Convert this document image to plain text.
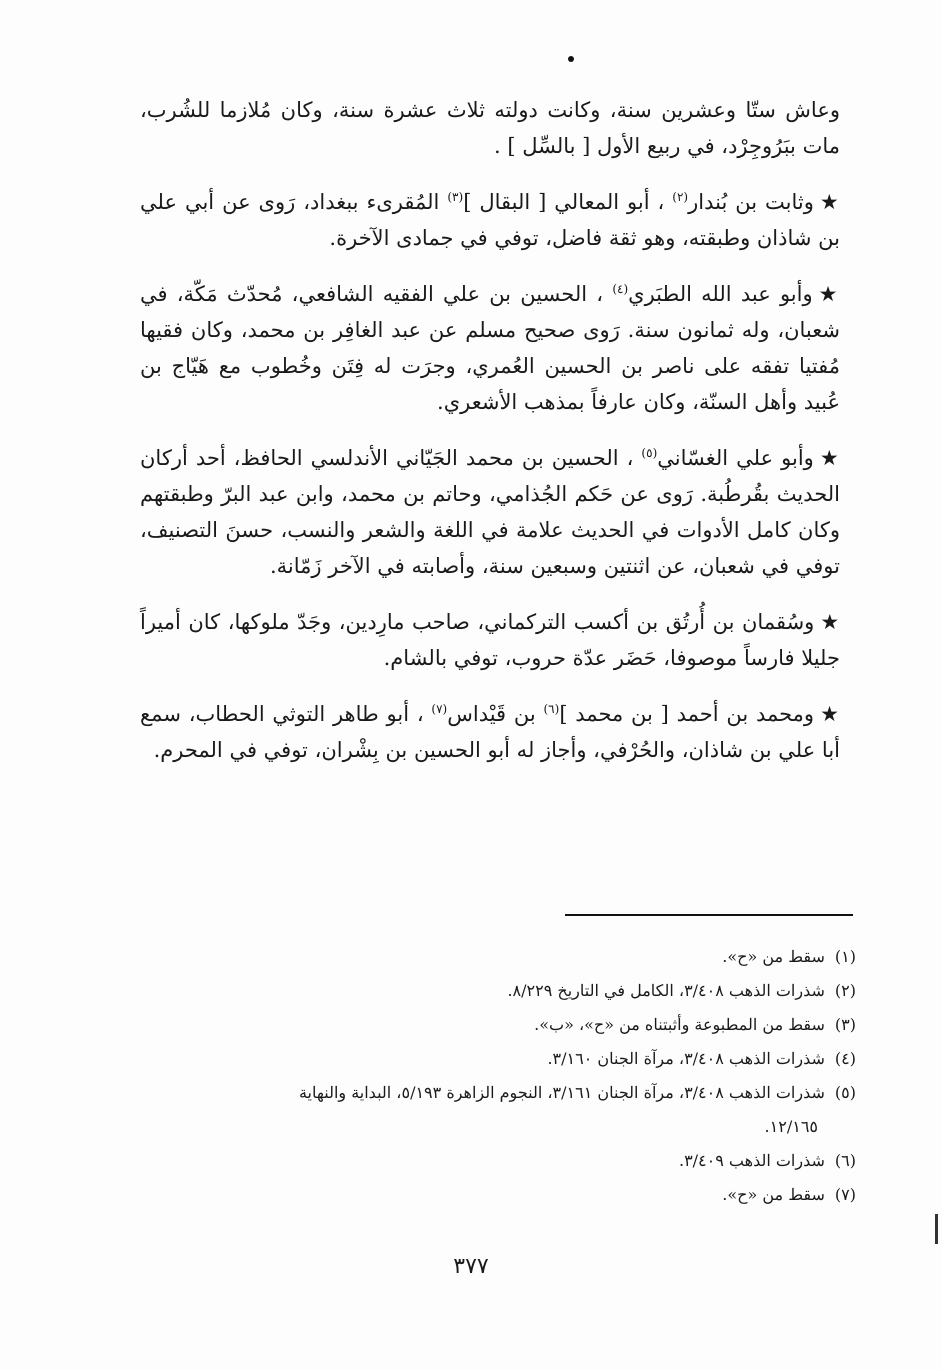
وعاش ستّا وعشرين سنة، وكانت دولته ثلاث عشرة سنة، وكان مُلازما للشُرب، مات ببَرُوجِرْد، في ربيع الأول [ بالسِّل ] .

★وثابت بن بُندار$^{(٢)}$ ، أبو المعالي [ البقال ]$^{(٣)}$ المُقرىء ببغداد، رَوى عن أبي علي بن شاذان وطبقته، وهو ثقة فاضل، توفي في جمادى الآخرة.

★وأبو عبد الله الطبَري$^{(٤)}$ ، الحسين بن علي الفقيه الشافعي، مُحدّث مَكّة، في شعبان، وله ثمانون سنة. رَوى صحيح مسلم عن عبد الغافِر بن محمد، وكان فقيها مُفتيا تفقه على ناصر بن الحسين العُمري، وجرَت له فِتَن وخُطوب مع هَيّاج بن عُبيد وأهل السنّة، وكان عارفاً بمذهب الأشعري.

★وأبو علي الغسّاني$^{(٥)}$ ، الحسين بن محمد الجَيّاني الأندلسي الحافظ، أحد أركان الحديث بقُرطُبة. رَوى عن حَكم الجُذامي، وحاتم بن محمد، وابن عبد البرّ وطبقتهم وكان كامل الأدوات في الحديث علامة في اللغة والشعر والنسب، حسنَ التصنيف، توفي في شعبان، عن اثنتين وسبعين سنة، وأصابته في الآخر زَمّانة.

★وسُقمان بن أُرتُق بن أكسب التركماني، صاحب مارِدين، وجَدّ ملوكها، كان أميراً جليلا فارساً موصوفا، حَضَر عدّة حروب، توفي بالشام.

★ومحمد بن أحمد [ بن محمد ]$^{(٦)}$ بن قَيْداس$^{(٧)}$ ، أبو طاهر التوثي الحطاب، سمع أبا علي بن شاذان، والحُرْفي، وأجاز له أبو الحسين بن بِشْران، توفي في المحرم.

(١)سقط من «ح».

(٢)شذرات الذهب ٣/٤٠٨، الكامل في التاريخ ٨/٢٢٩.

(٣)سقط من المطبوعة وأثبتناه من «ح»، «ب».

(٤)شذرات الذهب ٣/٤٠٨، مرآة الجنان ٣/١٦٠.

(٥)شذرات الذهب ٣/٤٠٨، مرآة الجنان ٣/١٦١، النجوم الزاهرة ٥/١٩٣، البداية والنهاية

١٢/١٦٥.

(٦)شذرات الذهب ٣/٤٠٩.

(٧)سقط من «ح».

٣٧٧
